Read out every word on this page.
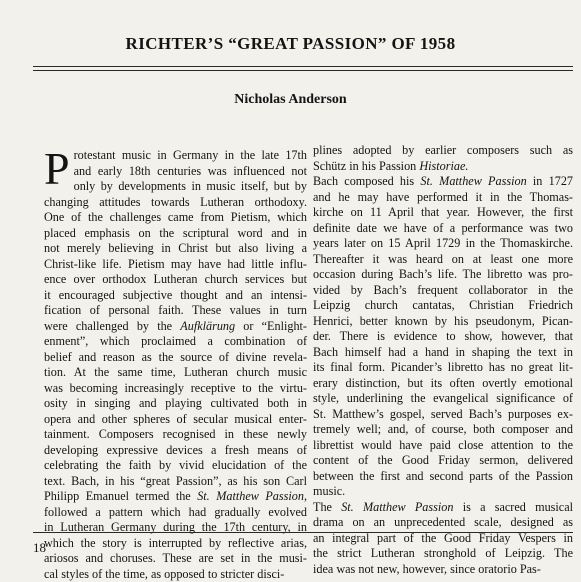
RICHTER’S “GREAT PASSION” OF 1958
Nicholas Anderson
P rotestant music in Germany in the late 17th
and early 18th centuries was influenced not
only by developments in music itself, but by
changing attitudes towards Lutheran orthodoxy.
One of the challenges came from Pietism, which
placed emphasis on the scriptural word and in
not merely believing in Christ but also living a
Christ-like life. Pietism may have had little influ-
ence over orthodox Lutheran church services but
it encouraged subjective thought and an intensi-
fication of personal faith. These values in turn
were challenged by the Aufklärung or “Enlight-
enment”, which proclaimed a combination of
belief and reason as the source of divine revela-
tion. At the same time, Lutheran church music
was becoming increasingly receptive to the virtu-
osity in singing and playing cultivated both in
opera and other spheres of secular musical enter-
tainment. Composers recognised in these newly
developing expressive devices a fresh means of
celebrating the faith by vivid elucidation of the
text. Bach, in his “great Passion”, as his son Carl
Philipp Emanuel termed the St. Matthew Passion,
followed a pattern which had gradually evolved
in Lutheran Germany during the 17th century, in
which the story is interrupted by reflective arias,
ariosos and choruses. These are set in the musi-
cal styles of the time, as opposed to stricter disci-
plines adopted by earlier composers such as
Schütz in his Passion Historiae.
Bach composed his St. Matthew Passion in 1727
and he may have performed it in the Thomas-
kirche on 11 April that year. However, the first
definite date we have of a performance was two
years later on 15 April 1729 in the Thomaskirche.
Thereafter it was heard on at least one more
occasion during Bach’s life. The libretto was pro-
vided by Bach’s frequent collaborator in the
Leipzig church cantatas, Christian Friedrich
Henrici, better known by his pseudonym, Pican-
der. There is evidence to show, however, that
Bach himself had a hand in shaping the text in
its final form. Picander’s libretto has no great lit-
erary distinction, but its often overtly emotional
style, underlining the evangelical significance of
St. Matthew’s gospel, served Bach’s purposes ex-
tremely well; and, of course, both composer and
librettist would have paid close attention to the
content of the Good Friday sermon, delivered
between the first and second parts of the Passion
music.
The St. Matthew Passion is a sacred musical
drama on an unprecedented scale, designed as
an integral part of the Good Friday Vespers in
the strict Lutheran stronghold of Leipzig. The
idea was not new, however, since oratorio Pas-
18
